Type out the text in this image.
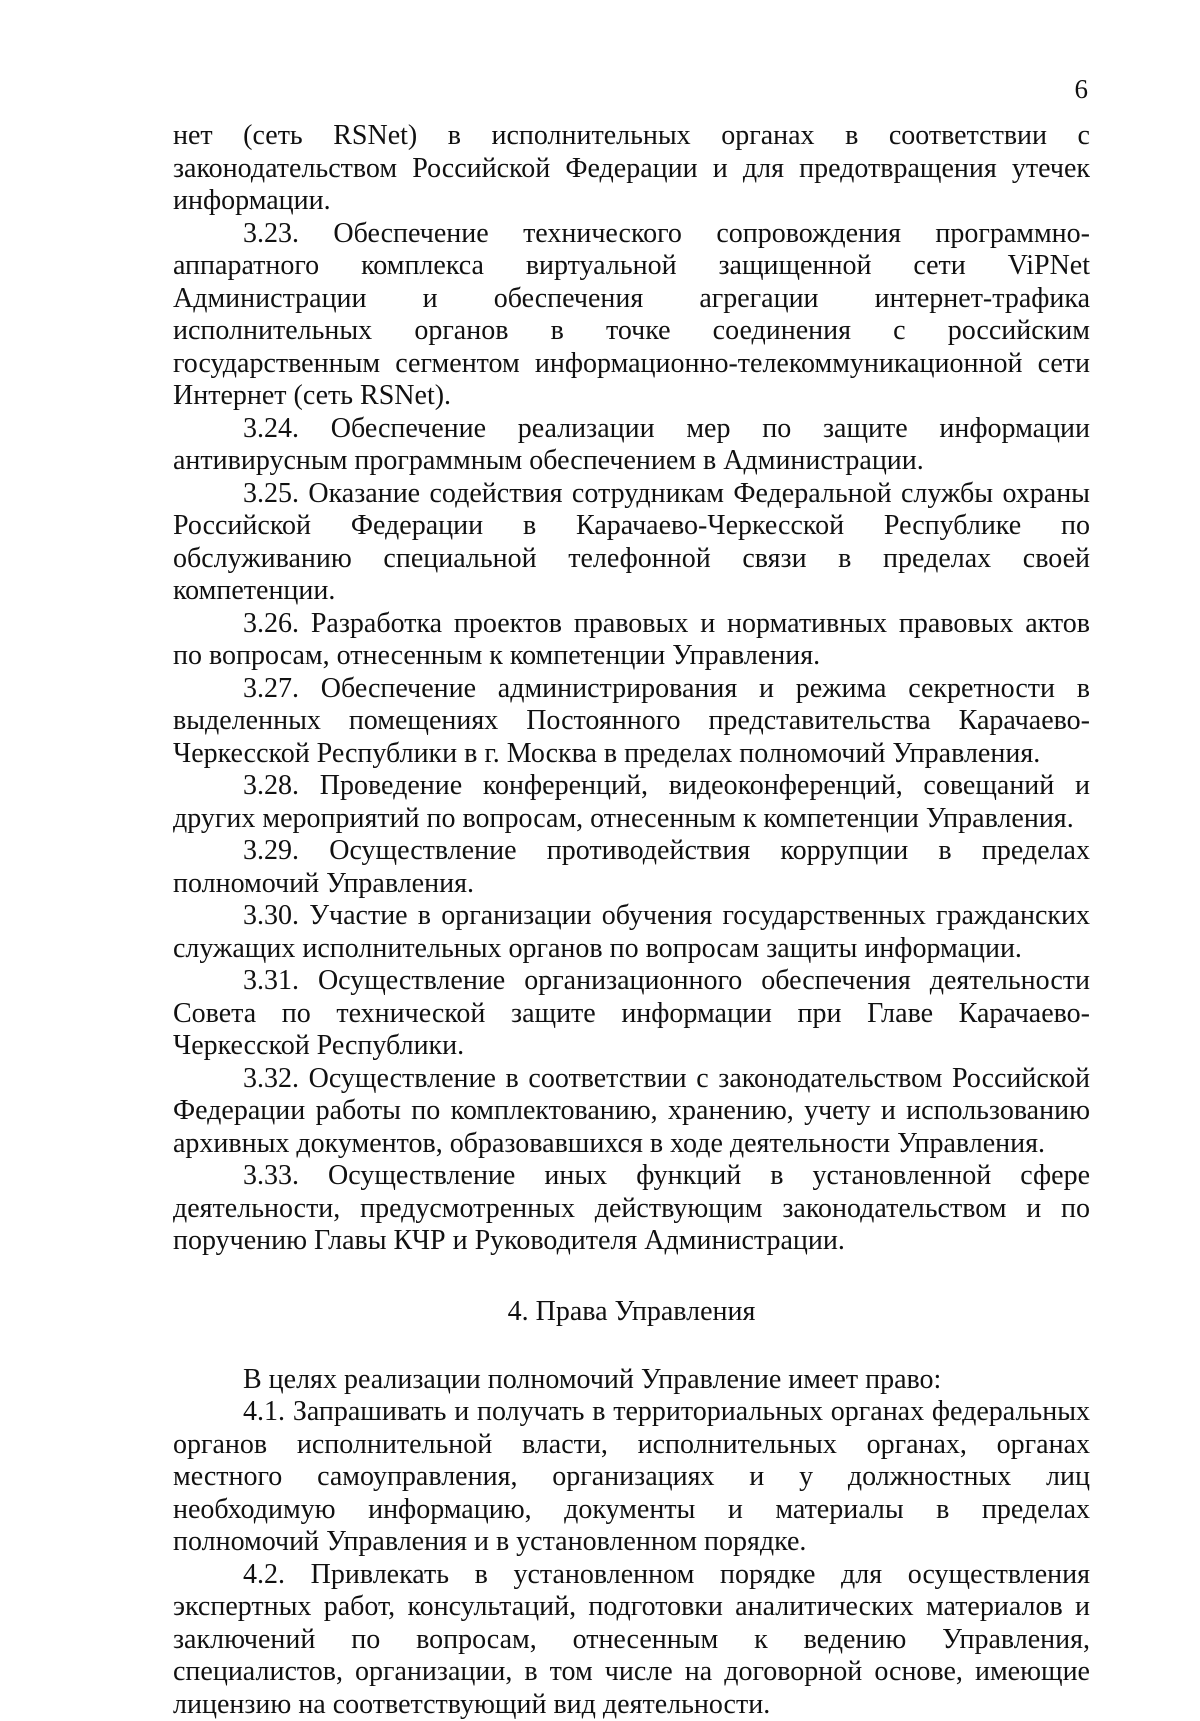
6

нет (сеть RSNet) в исполнительных органах в соответствии с законодательством Российской Федерации и для предотвращения утечек информации.

3.23. Обеспечение технического сопровождения программно-аппаратного комплекса виртуальной защищенной сети ViPNet Администрации и обеспечения агрегации интернет-трафика исполнительных органов в точке соединения с российским государственным сегментом информационно-телекоммуникационной сети Интернет (сеть RSNet).

3.24. Обеспечение реализации мер по защите информации антивирусным программным обеспечением в Администрации.

3.25. Оказание содействия сотрудникам Федеральной службы охраны Российской Федерации в Карачаево-Черкесской Республике по обслуживанию специальной телефонной связи в пределах своей компетенции.

3.26. Разработка проектов правовых и нормативных правовых актов по вопросам, отнесенным к компетенции Управления.

3.27. Обеспечение администрирования и режима секретности в выделенных помещениях Постоянного представительства Карачаево-Черкесской Республики в г. Москва в пределах полномочий Управления.

3.28. Проведение конференций, видеоконференций, совещаний и других мероприятий по вопросам, отнесенным к компетенции Управления.

3.29. Осуществление противодействия коррупции в пределах полномочий Управления.

3.30. Участие в организации обучения государственных гражданских служащих исполнительных органов по вопросам защиты информации.

3.31. Осуществление организационного обеспечения деятельности Совета по технической защите информации при Главе Карачаево-Черкесской Республики.

3.32. Осуществление в соответствии с законодательством Российской Федерации работы по комплектованию, хранению, учету и использованию архивных документов, образовавшихся в ходе деятельности Управления.

3.33. Осуществление иных функций в установленной сфере деятельности, предусмотренных действующим законодательством и по поручению Главы КЧР и Руководителя Администрации.

4. Права Управления

В целях реализации полномочий Управление имеет право:

4.1. Запрашивать и получать в территориальных органах федеральных органов исполнительной власти, исполнительных органах, органах местного самоуправления, организациях и у должностных лиц необходимую информацию, документы и материалы в пределах полномочий Управления и в установленном порядке.

4.2. Привлекать в установленном порядке для осуществления экспертных работ, консультаций, подготовки аналитических материалов и заключений по вопросам, отнесенным к ведению Управления, специалистов, организации, в том числе на договорной основе, имеющие лицензию на соответствующий вид деятельности.
